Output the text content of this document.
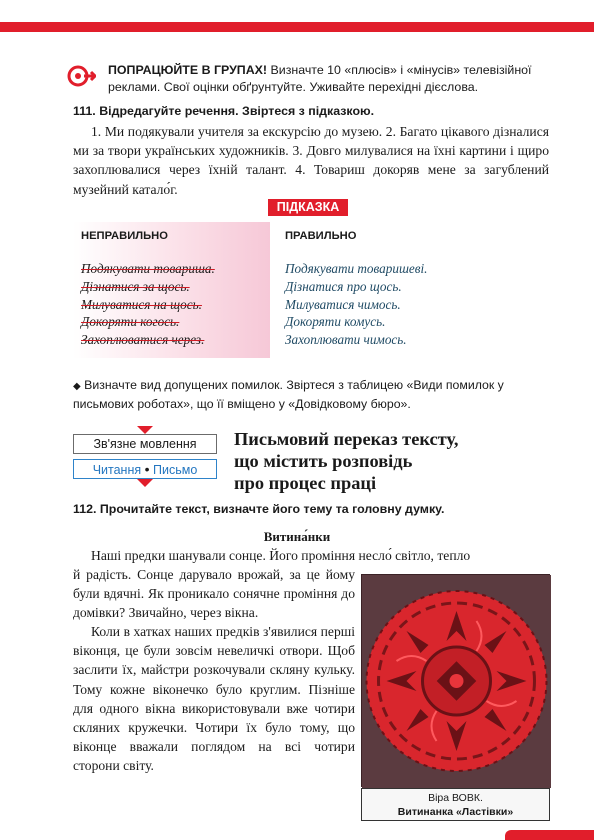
ПОПРАЦЮЙТЕ В ГРУПАХ! Визначте 10 «плюсів» і «мінусів» телевізійної реклами. Свої оцінки обґрунтуйте. Уживайте перехідні дієслова.
111. Відредагуйте речення. Звіртеся з підказкою.
1. Ми подякували учителя за екскурсію до музею. 2. Багато цікавого дізналися ми за твори українських художників. 3. Довго милувалися на їхні картини і щиро захоплювалися через їхній талант. 4. Товариш докоряв мене за загублений музейний катало́г.
ПІДКАЗКА
НЕПРАВИЛЬНО	ПРАВИЛЬНО
Подякувати товариша.
Дізнатися за щось.
Милуватися на щось.
Докоряти когось.
Захоплюватися через.
Подякувати товаришеві.
Дізнатися про щось.
Милуватися чимось.
Докоряти комусь.
Захоплювати чимось.
◆ Визначте вид допущених помилок. Звіртеся з таблицею «Види помилок у письмових роботах», що її вміщено у «Довідковому бюро».
Зв'язне мовлення
Читання • Письмо
Письмовий переказ тексту,
що містить розповідь
про процес праці
112. Прочитайте текст, визначте його тему та головну думку.
Витина́нки
Наші предки шанували сонце. Його проміння несло́ світло, тепло

й радість. Сонце дарувало врожай, за це йому були вдячні. Як проникало сонячне проміння до домівки? Звичайно, через вікна.

Коли в хатках наших предків з'явилися перші віконця, це були зовсім невеличкі отвори. Щоб заслити їх, майстри розкочували скляну кульку. Тому кожне віконечко було круглим. Пізніше для одного вікна використовували вже чотири скляних кружечки. Чотири їх було тому, що віконце вважали поглядом на всі чотири сторони світу.

Віра ВОВК.
Витинанка «Ластівки»
